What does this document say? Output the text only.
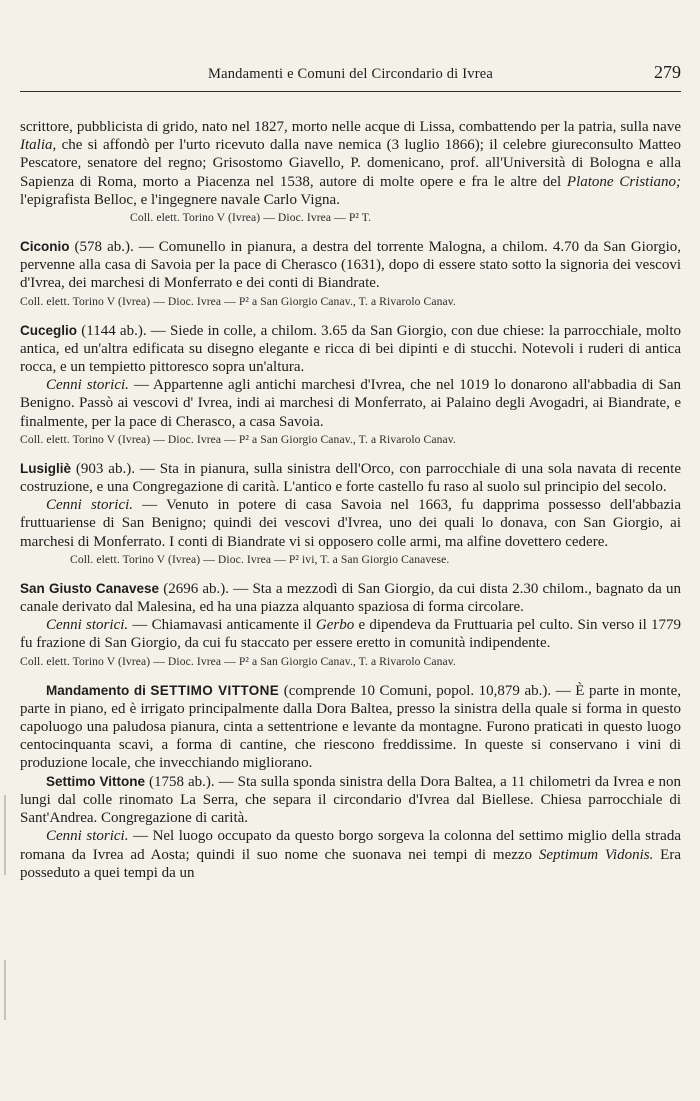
Mandamenti e Comuni del Circondario di Ivrea	279

scrittore, pubblicista di grido, nato nel 1827, morto nelle acque di Lissa, combattendo per la patria, sulla nave Italia, che si affondò per l'urto ricevuto dalla nave nemica (3 luglio 1866); il celebre giureconsulto Matteo Pescatore, senatore del regno; Grisostomo Giavello, P. domenicano, prof. all'Università di Bologna e alla Sapienza di Roma, morto a Piacenza nel 1538, autore di molte opere e fra le altre del Platone Cristiano; l'epigrafista Belloc, e l'ingegnere navale Carlo Vigna.

Coll. elett. Torino V (Ivrea) — Dioc. Ivrea — P² T.

Ciconio (578 ab.). — Comunello in pianura, a destra del torrente Malogna, a chilom. 4.70 da San Giorgio, pervenne alla casa di Savoia per la pace di Cherasco (1631), dopo di essere stato sotto la signoria dei vescovi d'Ivrea, dei marchesi di Monferrato e dei conti di Biandrate.

Coll. elett. Torino V (Ivrea) — Dioc. Ivrea — P² a San Giorgio Canav., T. a Rivarolo Canav.

Cuceglio (1144 ab.). — Siede in colle, a chilom. 3.65 da San Giorgio, con due chiese: la parrocchiale, molto antica, ed un'altra edificata su disegno elegante e ricca di bei dipinti e di stucchi. Notevoli i ruderi di antica rocca, e un tempietto pittoresco sopra un'altura.

Cenni storici. — Appartenne agli antichi marchesi d'Ivrea, che nel 1019 lo donarono all'abbadia di San Benigno. Passò ai vescovi d' Ivrea, indi ai marchesi di Monferrato, ai Palaino degli Avogadri, ai Biandrate, e finalmente, per la pace di Cherasco, a casa Savoia.

Coll. elett. Torino V (Ivrea) — Dioc. Ivrea — P² a San Giorgio Canav., T. a Rivarolo Canav.

Lusigliè (903 ab.). — Sta in pianura, sulla sinistra dell'Orco, con parrocchiale di una sola navata di recente costruzione, e una Congregazione di carità. L'antico e forte castello fu raso al suolo sul principio del secolo.

Cenni storici. — Venuto in potere di casa Savoia nel 1663, fu dapprima possesso dell'abbazia fruttuariense di San Benigno; quindi dei vescovi d'Ivrea, uno dei quali lo donava, con San Giorgio, ai marchesi di Monferrato. I conti di Biandrate vi si opposero colle armi, ma alfine dovettero cedere.

Coll. elett. Torino V (Ivrea) — Dioc. Ivrea — P² ivi, T. a San Giorgio Canavese.

San Giusto Canavese (2696 ab.). — Sta a mezzodì di San Giorgio, da cui dista 2.30 chilom., bagnato da un canale derivato dal Malesina, ed ha una piazza alquanto spaziosa di forma circolare.

Cenni storici. — Chiamavasi anticamente il Gerbo e dipendeva da Fruttuaria pel culto. Sin verso il 1779 fu frazione di San Giorgio, da cui fu staccato per essere eretto in comunità indipendente.

Coll. elett. Torino V (Ivrea) — Dioc. Ivrea — P² a San Giorgio Canav., T. a Rivarolo Canav.

Mandamento di SETTIMO VITTONE (comprende 10 Comuni, popol. 10,879 ab.). — È parte in monte, parte in piano, ed è irrigato principalmente dalla Dora Baltea, presso la sinistra della quale si forma in questo capoluogo una paludosa pianura, cinta a settentrione e levante da montagne. Furono praticati in questo luogo centocinquanta scavi, a forma di cantine, che riescono freddissime. In queste si conservano i vini di produzione locale, che invecchiando migliorano.

Settimo Vittone (1758 ab.). — Sta sulla sponda sinistra della Dora Baltea, a 11 chilometri da Ivrea e non lungi dal colle rinomato La Serra, che separa il circondario d'Ivrea dal Biellese. Chiesa parrocchiale di Sant'Andrea. Congregazione di carità.

Cenni storici. — Nel luogo occupato da questo borgo sorgeva la colonna del settimo miglio della strada romana da Ivrea ad Aosta; quindi il suo nome che suonava nei tempi di mezzo Septimum Vidonis. Era posseduto a quei tempi da un
